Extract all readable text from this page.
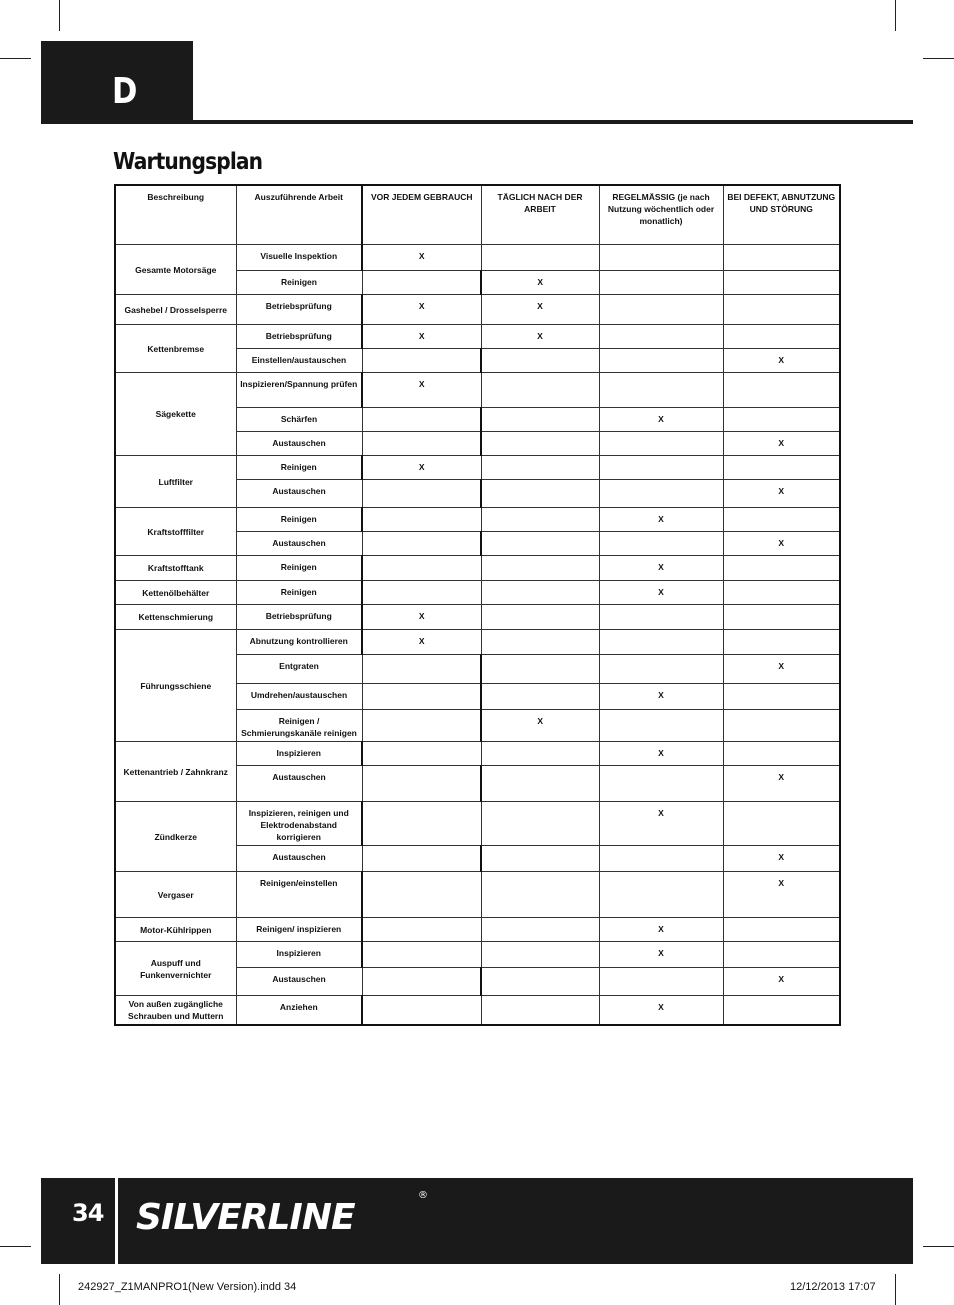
D
Wartungsplan
Beschreibung	Auszuführende Arbeit	VOR JEDEM GEBRAUCH	TÄGLICH NACH DER ARBEIT	REGELMÄSSIG (je nach Nutzung wöchentlich oder monatlich)	BEI DEFEKT, ABNUTZUNG UND STÖRUNG
Gesamte Motorsäge	Visuelle Inspektion	X			
	Reinigen		X		
Gashebel / Drosselsperre	Betriebsprüfung	X	X		
Kettenbremse	Betriebsprüfung	X	X		
	Einstellen/austauschen				X
Sägekette	Inspizieren/Spannung prüfen	X			
	Schärfen			X	
	Austauschen				X
Luftfilter	Reinigen	X			
	Austauschen				X
Kraftstofffilter	Reinigen			X	
	Austauschen				X
Kraftstofftank	Reinigen			X	
Kettenölbehälter	Reinigen			X	
Kettenschmierung	Betriebsprüfung	X			
Führungsschiene	Abnutzung kontrollieren	X			
	Entgraten				X
	Umdrehen/austauschen			X	
	Reinigen / Schmierungskanäle reinigen		X		
Kettenantrieb / Zahnkranz	Inspizieren			X	
	Austauschen				X
Zündkerze	Inspizieren, reinigen und Elektrodenabstand korrigieren			X	
	Austauschen				X
Vergaser	Reinigen/einstellen				X
Motor-Kühlrippen	Reinigen/ inspizieren			X	
Auspuff und Funkenvernichter	Inspizieren			X	
	Austauschen				X
Von außen zugängliche Schrauben und Muttern	Anziehen			X	
34 SILVERLINE
®
242927_Z1MANPRO1(New Version).indd 34	12/12/2013 17:07
